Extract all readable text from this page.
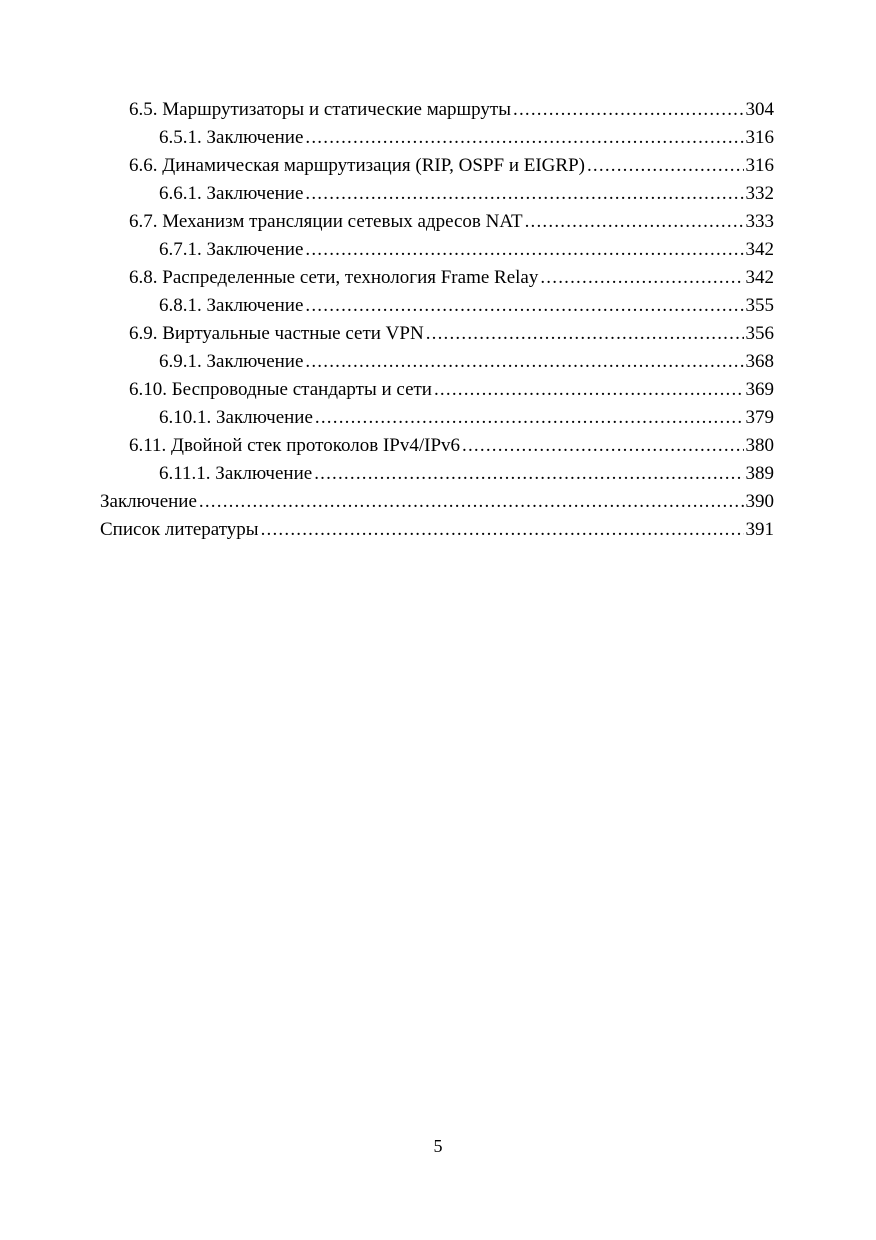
6.5. Маршрутизаторы и статические маршруты .....	304
6.5.1. Заключение .....	316
6.6. Динамическая маршрутизация (RIP, OSPF и EIGRP) .....	316
6.6.1. Заключение .....	332
6.7. Механизм трансляции сетевых адресов NAT .....	333
6.7.1. Заключение .....	342
6.8. Распределенные сети, технология Frame Relay .....	342
6.8.1. Заключение .....	355
6.9. Виртуальные частные сети VPN .....	356
6.9.1. Заключение .....	368
6.10. Беспроводные стандарты и сети .....	369
6.10.1. Заключение .....	379
6.11. Двойной стек протоколов IPv4/IPv6 .....	380
6.11.1. Заключение .....	389
Заключение .....	390
Список литературы .....	391
5
